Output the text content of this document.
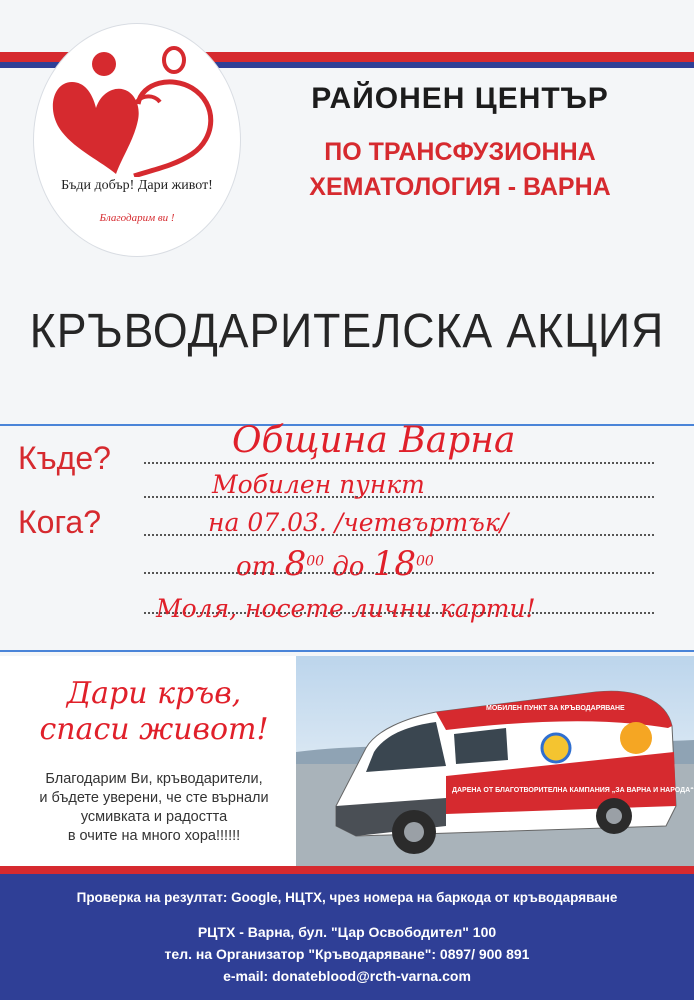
Бъди добър! Дари живот!
Благодарим ви !
РАЙОНЕН ЦЕНТЪР
ПО ТРАНСФУЗИОННА
ХЕМАТОЛОГИЯ - ВАРНА
КРЪВОДАРИТЕЛСКА АКЦИЯ
Къде?
Кога?
Община Варна
Мобилен пункт
на 07.03. /четвъртък/
от $8^{00}$ до $18^{00}$
Моля, носете лични карти!
Дари кръв,
спаси живот!
Благодарим Ви, кръводарители,
и бъдете уверени, че сте върнали
усмивката и радостта
в очите на много хора!!!!!!
МОБИЛЕН ПУНКТ ЗА КРЪВОДАРЯВАНЕ
ДАРЕНА ОТ БЛАГОТВОРИТЕЛНА КАМПАНИЯ „ЗА ВАРНА И НАРОДА“
Проверка на резултат: Google, НЦТХ, чрез номера на баркода от кръводаряване
РЦТХ - Варна, бул. "Цар Освободител" 100
тел. на Организатор "Кръводаряване": 0897/ 900 891
e-mail: donateblood@rcth-varna.com
